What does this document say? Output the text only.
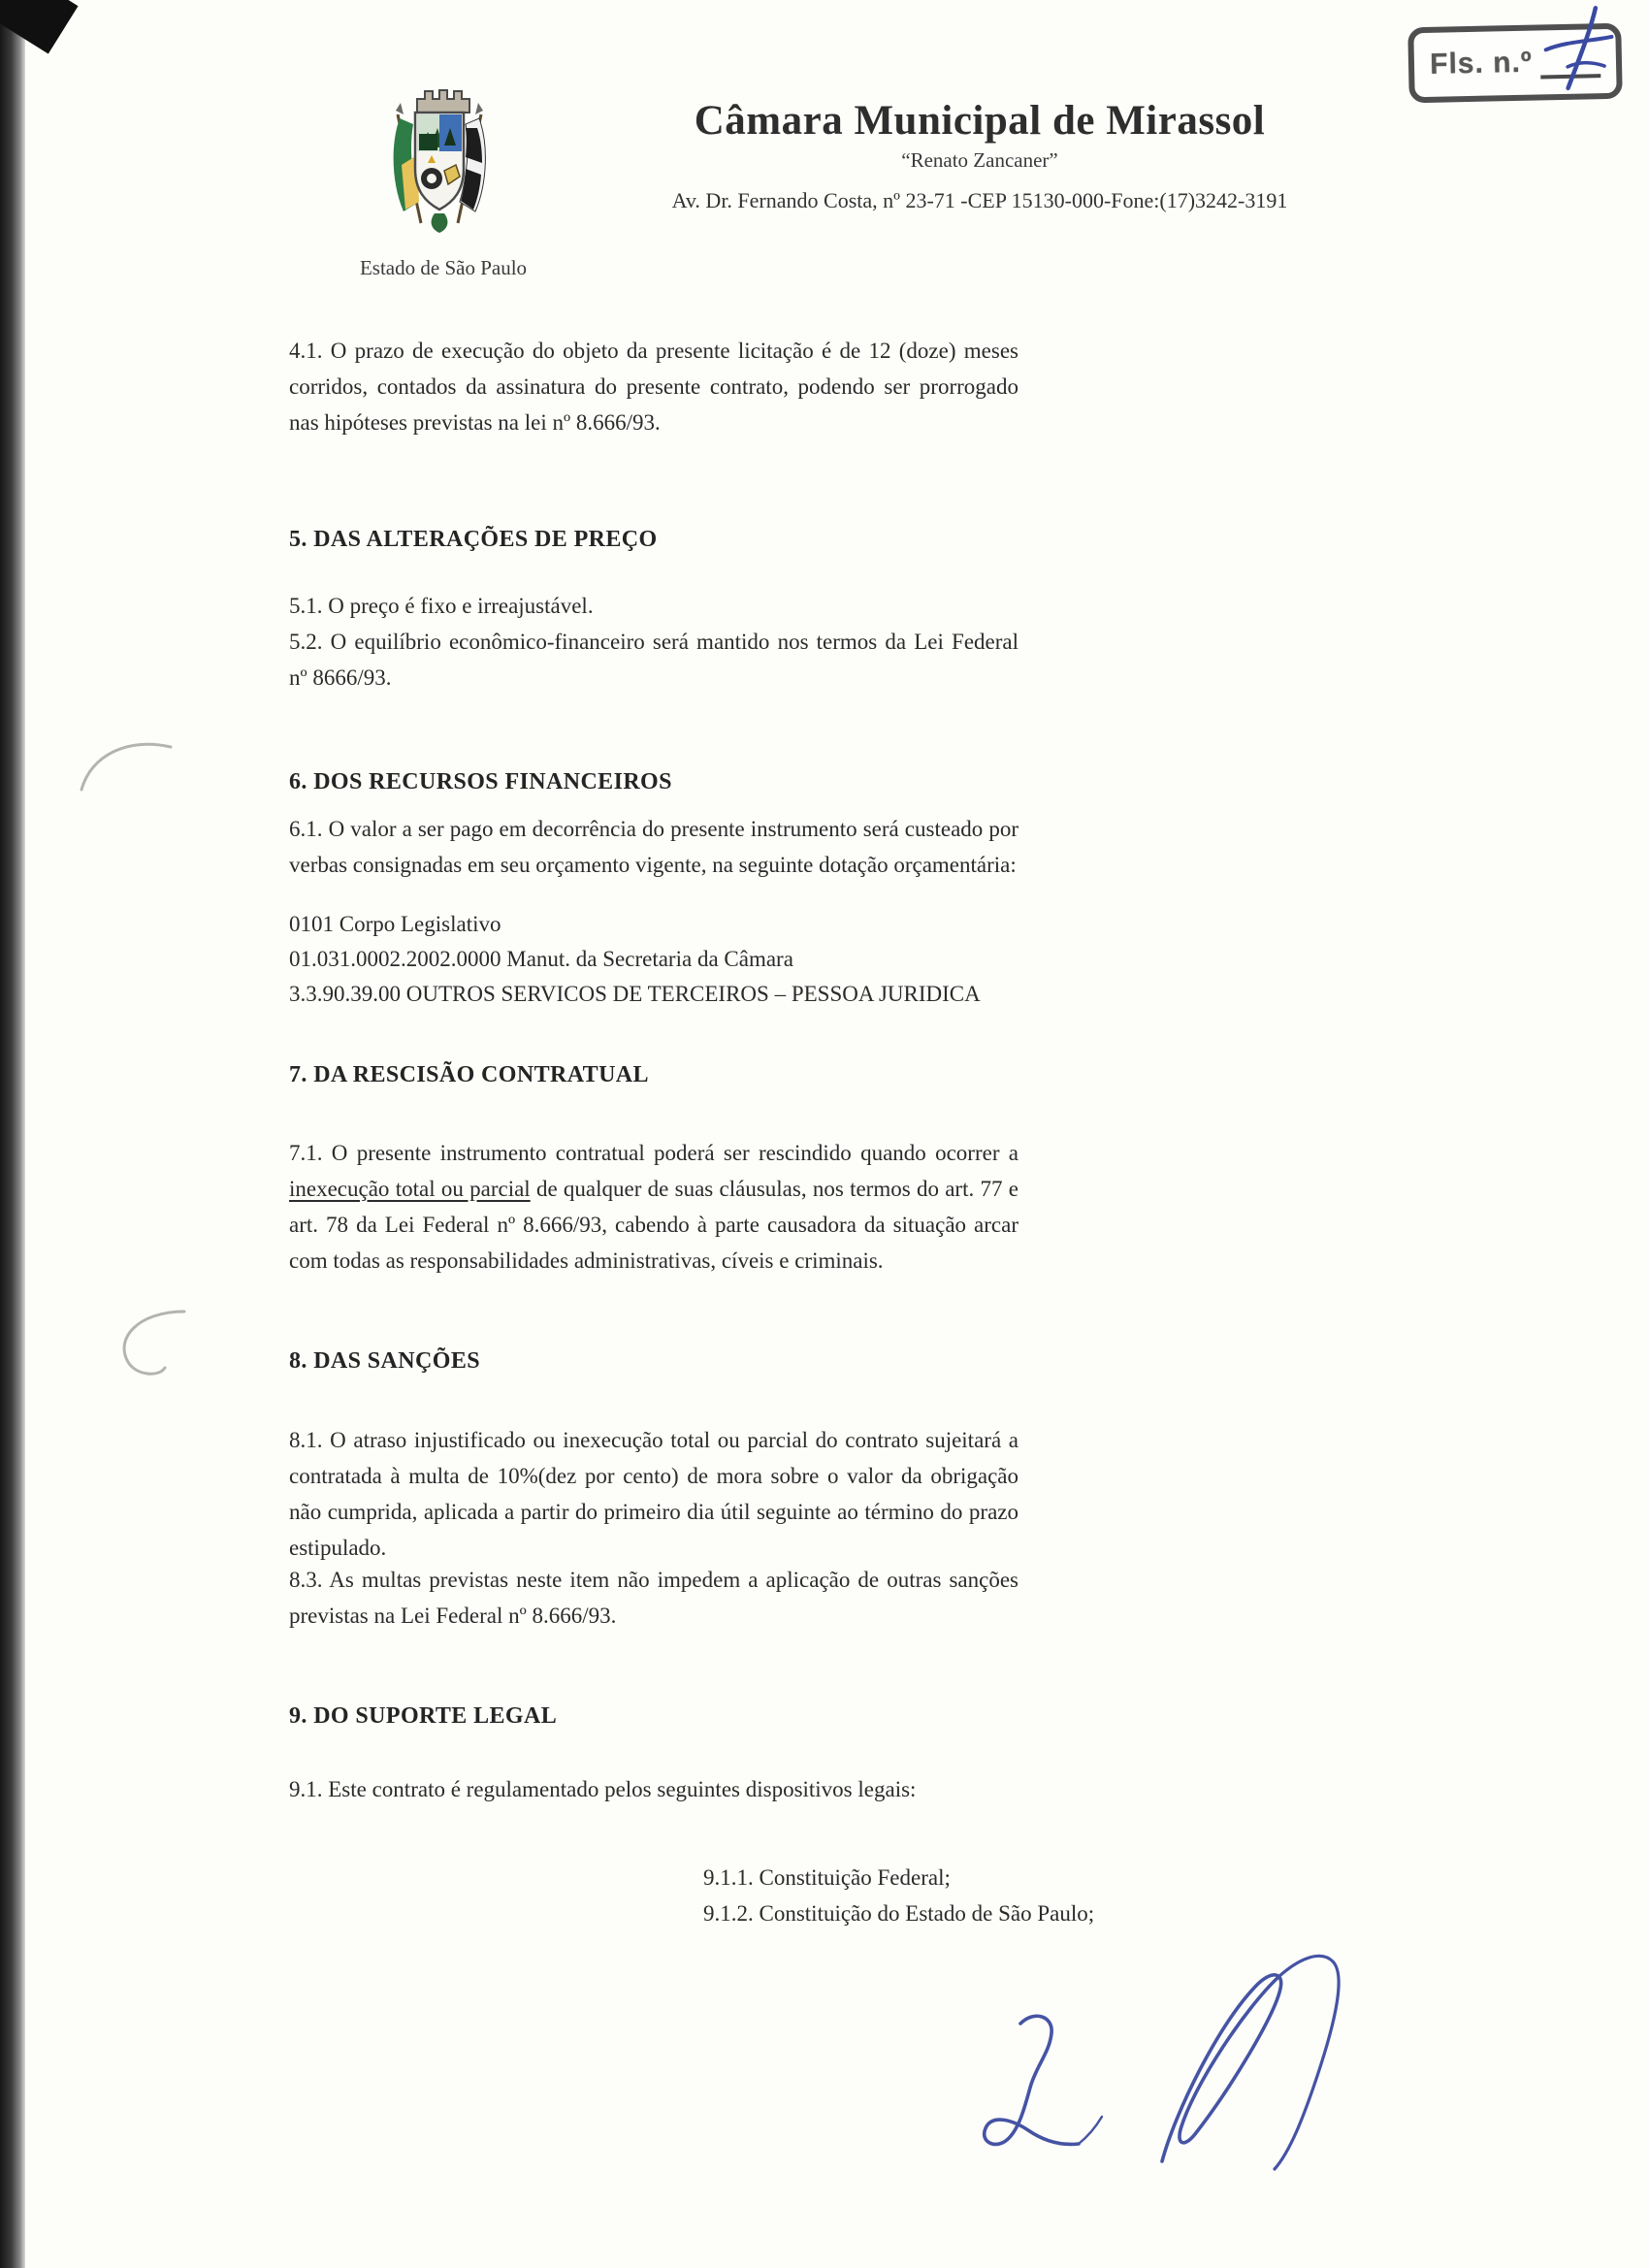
Fls. n.º
Estado de São Paulo
Câmara Municipal de Mirassol
“Renato Zancaner”
Av. Dr. Fernando Costa, nº 23-71 -CEP 15130-000-Fone:(17)3242-3191
4.1. O prazo de execução do objeto da presente licitação é de 12 (doze) meses corridos, contados da assinatura do presente contrato, podendo ser prorrogado nas hipóteses previstas na lei nº 8.666/93.
5. DAS ALTERAÇÕES DE PREÇO
5.1. O preço é fixo e irreajustável.
5.2. O equilíbrio econômico-financeiro será mantido nos termos da Lei Federal nº 8666/93.
6. DOS RECURSOS FINANCEIROS
6.1. O valor a ser pago em decorrência do presente instrumento será custeado por verbas consignadas em seu orçamento vigente, na seguinte dotação orçamentária:
0101 Corpo Legislativo
01.031.0002.2002.0000 Manut. da Secretaria da Câmara
3.3.90.39.00 OUTROS SERVICOS DE TERCEIROS – PESSOA JURIDICA
7. DA RESCISÃO CONTRATUAL
7.1. O presente instrumento contratual poderá ser rescindido quando ocorrer a inexecução total ou parcial de qualquer de suas cláusulas, nos termos do art. 77 e art. 78 da Lei Federal nº 8.666/93, cabendo à parte causadora da situação arcar com todas as responsabilidades administrativas, cíveis e criminais.
8. DAS SANÇÕES
8.1. O atraso injustificado ou inexecução total ou parcial do contrato sujeitará a contratada à multa de 10%(dez por cento) de mora sobre o valor da obrigação não cumprida, aplicada a partir do primeiro dia útil seguinte ao término do prazo estipulado.
8.3. As multas previstas neste item não impedem a aplicação de outras sanções previstas na Lei Federal nº 8.666/93.
9. DO SUPORTE LEGAL
9.1. Este contrato é regulamentado pelos seguintes dispositivos legais:
9.1.1. Constituição Federal;
9.1.2. Constituição do Estado de São Paulo;
